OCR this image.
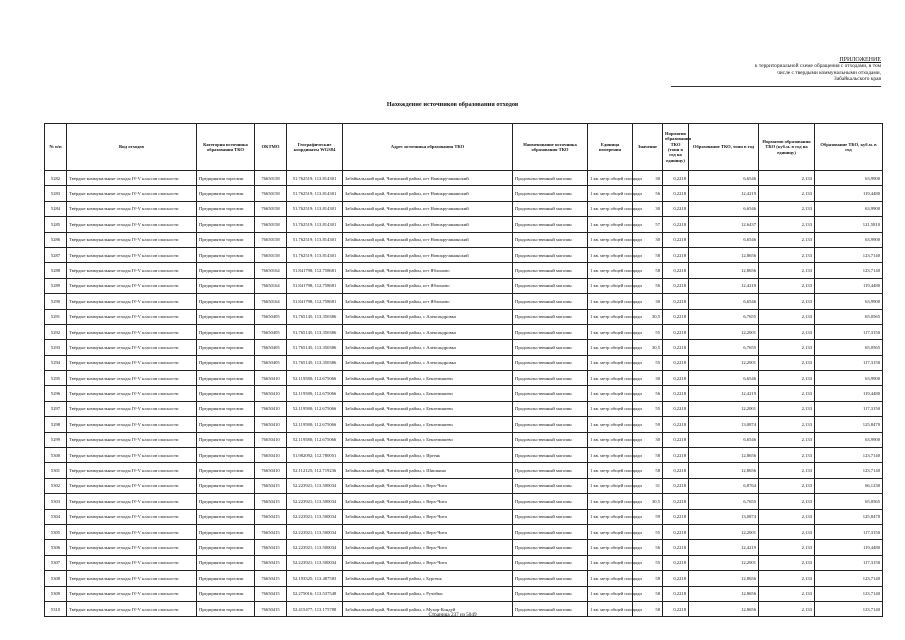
ПРИЛОЖЕНИЕ
к территориальной схеме обращения с отходами, в том
числе с твердыми коммунальными отходами,
Забайкальского края
Нахождение источников образования отходов
№ п/п	Вид отходов	Категория источника образования ТКО	ОКТМО	Географические координаты WGS84	Адрес источника образования ТКО	Наименование источника образования ТКО	Единица измерения	Значение	Норматив образования ТКО (тонн в год на единицу)	Образование ТКО, тонн в год	Норматив образования ТКО (куб.м. в год на единицу)	Образование ТКО, куб.м. в год
5282	Твёрдые коммунальные отходы IV-V классов опасности	Предприятия торговли	76650158	51.762519; 113.814301	Забайкальский край, Читинский район, пгт Новокручининский	Продовольственный магазин	1 кв. метр общей площади	30	0,2218	6,6546	2,133	63,9900
5283	Твёрдые коммунальные отходы IV-V классов опасности	Предприятия торговли	76650158	51.762519; 113.814301	Забайкальский край, Читинский район, пгт Новокручининский	Продовольственный магазин	1 кв. метр общей площади	56	0,2218	12,4219	2,133	119,4480
5284	Твёрдые коммунальные отходы IV-V классов опасности	Предприятия торговли	76650158	51.762519; 113.814301	Забайкальский край, Читинский район, пгт Новокручининский	Продовольственный магазин	1 кв. метр общей площади	30	0,2218	6,6546	2,133	63,9900
5285	Твёрдые коммунальные отходы IV-V классов опасности	Предприятия торговли	76650158	51.762519; 113.814301	Забайкальский край, Читинский район, пгт Новокручининский	Продовольственный магазин	1 кв. метр общей площади	57	0,2218	12,6437	2,133	121,5810
5286	Твёрдые коммунальные отходы IV-V классов опасности	Предприятия торговли	76650158	51.762519; 113.814301	Забайкальский край, Читинский район, пгт Новокручининский	Продовольственный магазин	1 кв. метр общей площади	30	0,2218	6,6546	2,133	63,9900
5287	Твёрдые коммунальные отходы IV-V классов опасности	Предприятия торговли	76650158	51.762519; 113.814301	Забайкальский край, Читинский район, пгт Новокручининский	Продовольственный магазин	1 кв. метр общей площади	58	0,2218	12,8656	2,133	123,7140
5288	Твёрдые коммунальные отходы IV-V классов опасности	Предприятия торговли	76650164	51.841798; 112.758681	Забайкальский край, Читинский район, пгт Яблоново	Продовольственный магазин	1 кв. метр общей площади	58	0,2218	12,8656	2,133	123,7140
5289	Твёрдые коммунальные отходы IV-V классов опасности	Предприятия торговли	76650164	51.841798; 112.758681	Забайкальский край, Читинский район, пгт Яблоново	Продовольственный магазин	1 кв. метр общей площади	56	0,2218	12,4219	2,133	119,4480
5290	Твёрдые коммунальные отходы IV-V классов опасности	Предприятия торговли	76650164	51.841798; 112.758681	Забайкальский край, Читинский район, пгт Яблоново	Продовольственный магазин	1 кв. метр общей площади	30	0,2218	6,6546	2,133	63,9900
5291	Твёрдые коммунальные отходы IV-V классов опасности	Предприятия торговли	76650405	51.765145; 113.350386	Забайкальский край, Читинский район, с Александровка	Продовольственный магазин	1 кв. метр общей площади	30,5	0,2218	6,7655	2,133	65,0565
5292	Твёрдые коммунальные отходы IV-V классов опасности	Предприятия торговли	76650405	51.765145; 113.350386	Забайкальский край, Читинский район, с Александровка	Продовольственный магазин	1 кв. метр общей площади	55	0,2218	12,2001	2,133	117,3150
5293	Твёрдые коммунальные отходы IV-V классов опасности	Предприятия торговли	76650405	51.765145; 113.350386	Забайкальский край, Читинский район, с Александровка	Продовольственный магазин	1 кв. метр общей площади	30,5	0,2218	6,7655	2,133	65,0565
5294	Твёрдые коммунальные отходы IV-V классов опасности	Предприятия торговли	76650405	51.765145; 113.350386	Забайкальский край, Читинский район, с Александровка	Продовольственный магазин	1 кв. метр общей площади	55	0,2218	12,2001	2,133	117,3150
5295	Твёрдые коммунальные отходы IV-V классов опасности	Предприятия торговли	76650410	52.119580; 112.675066	Забайкальский край, Читинский район, с Беклемишево	Продовольственный магазин	1 кв. метр общей площади	30	0,2218	6,6546	2,133	63,9900
5296	Твёрдые коммунальные отходы IV-V классов опасности	Предприятия торговли	76650410	52.119580; 112.675066	Забайкальский край, Читинский район, с Беклемишево	Продовольственный магазин	1 кв. метр общей площади	56	0,2218	12,4219	2,133	119,4480
5297	Твёрдые коммунальные отходы IV-V классов опасности	Предприятия торговли	76650410	52.119580; 112.675066	Забайкальский край, Читинский район, с Беклемишево	Продовольственный магазин	1 кв. метр общей площади	55	0,2218	12,2001	2,133	117,3150
5298	Твёрдые коммунальные отходы IV-V классов опасности	Предприятия торговли	76650410	52.119580; 112.675066	Забайкальский край, Читинский район, с Беклемишево	Продовольственный магазин	1 кв. метр общей площади	59	0,2218	13,0874	2,133	125,8470
5299	Твёрдые коммунальные отходы IV-V классов опасности	Предприятия торговли	76650410	52.119580; 112.675066	Забайкальский край, Читинский район, с Беклемишево	Продовольственный магазин	1 кв. метр общей площади	30	0,2218	6,6546	2,133	63,9900
5300	Твёрдые коммунальные отходы IV-V классов опасности	Предприятия торговли	76650410	51.982092; 112.780051	Забайкальский край, Читинский район, с Иргень	Продовольственный магазин	1 кв. метр общей площади	58	0,2218	12,8656	2,133	123,7140
5301	Твёрдые коммунальные отходы IV-V классов опасности	Предприятия торговли	76650410	52.112125; 112.719236	Забайкальский край, Читинский район, с Шишкино	Продовольственный магазин	1 кв. метр общей площади	58	0,2218	12,8656	2,133	123,7140
5302	Твёрдые коммунальные отходы IV-V классов опасности	Предприятия торговли	76650415	52.223921; 113.500034	Забайкальский край, Читинский район, с Верх-Чита	Продовольственный магазин	1 кв. метр общей площади	31	0,2218	6,8764	2,133	66,1230
5303	Твёрдые коммунальные отходы IV-V классов опасности	Предприятия торговли	76650415	52.223921; 113.500034	Забайкальский край, Читинский район, с Верх-Чита	Продовольственный магазин	1 кв. метр общей площади	30,5	0,2218	6,7655	2,133	65,0565
5304	Твёрдые коммунальные отходы IV-V классов опасности	Предприятия торговли	76650415	52.223921; 113.500034	Забайкальский край, Читинский район, с Верх-Чита	Продовольственный магазин	1 кв. метр общей площади	59	0,2218	13,0874	2,133	125,8470
5305	Твёрдые коммунальные отходы IV-V классов опасности	Предприятия торговли	76650415	52.223921; 113.500034	Забайкальский край, Читинский район, с Верх-Чита	Продовольственный магазин	1 кв. метр общей площади	55	0,2218	12,2001	2,133	117,3150
5306	Твёрдые коммунальные отходы IV-V классов опасности	Предприятия торговли	76650415	52.223921; 113.500034	Забайкальский край, Читинский район, с Верх-Чита	Продовольственный магазин	1 кв. метр общей площади	56	0,2218	12,4219	2,133	119,4480
5307	Твёрдые коммунальные отходы IV-V классов опасности	Предприятия торговли	76650415	52.223921; 113.500034	Забайкальский край, Читинский район, с Верх-Чита	Продовольственный магазин	1 кв. метр общей площади	55	0,2218	12,2001	2,133	117,3150
5308	Твёрдые коммунальные отходы IV-V классов опасности	Предприятия торговли	76650415	52.193325; 113.487583	Забайкальский край, Читинский район, с Бургень	Продовольственный магазин	1 кв. метр общей площади	58	0,2218	12,8656	2,133	123,7140
5309	Твёрдые коммунальные отходы IV-V классов опасности	Предприятия торговли	76650415	52.275016; 113.537548	Забайкальский край, Читинский район, с Ручейки	Продовольственный магазин	1 кв. метр общей площади	58	0,2218	12,8656	2,133	123,7140
5310	Твёрдые коммунальные отходы IV-V классов опасности	Предприятия торговли	76650415	52.415477; 113.175788	Забайкальский край, Читинский район, с Мухор-Кондуй	Продовольственный магазин	1 кв. метр общей площади	58	0,2218	12,8656	2,133	123,7140
Страница 237 из 5049
